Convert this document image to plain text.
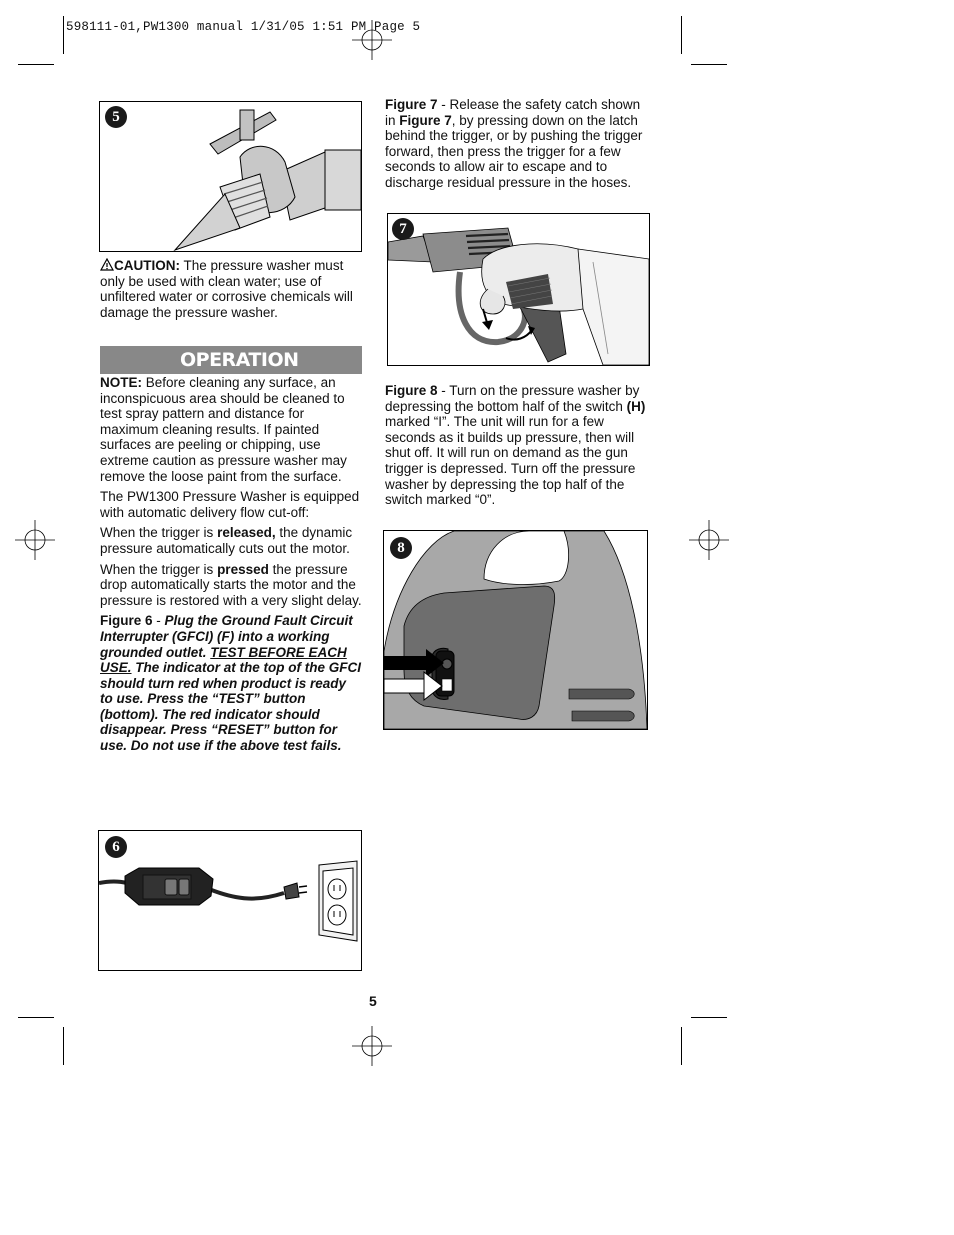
598111-01,PW1300 manual 1/31/05 1:51 PM Page 5
5

CAUTION: The pressure washer must only be used with clean water; use of unfiltered water or corrosive chemicals will damage the pressure washer.

OPERATION

NOTE: Before cleaning any surface, an inconspicuous area should be cleaned to test spray pattern and distance for maximum cleaning results. If painted surfaces are peeling or chipping, use extreme caution as pressure washer may remove the loose paint from the surface.

The PW1300 Pressure Washer is equipped with automatic delivery flow cut-off:

When the trigger is released, the dynamic pressure automatically cuts out the motor.

When the trigger is pressed the pressure drop automatically starts the motor and the pressure is restored with a very slight delay.

Figure 6 - Plug the Ground Fault Circuit Interrupter (GFCI) (F) into a working grounded outlet. TEST BEFORE EACH USE. The indicator at the top of the GFCI should turn red when product is ready to use. Press the “TEST” button (bottom). The red indicator should disappear. Press “RESET” button for use. Do not use if the above test fails.

6
5

Figure 7 - Release the safety catch shown in Figure 7, by pressing down on the latch behind the trigger, or by pushing the trigger forward, then press the trigger for a few seconds to allow air to escape and to discharge residual pressure in the hoses.

7

Figure 8 - Turn on the pressure washer by depressing the bottom half of the switch (H) marked “I”. The unit will run for a few seconds as it builds up pressure, then will shut off. It will run on demand as the gun trigger is depressed. Turn off the pressure washer by depressing the top half of the switch marked “0”.

8
